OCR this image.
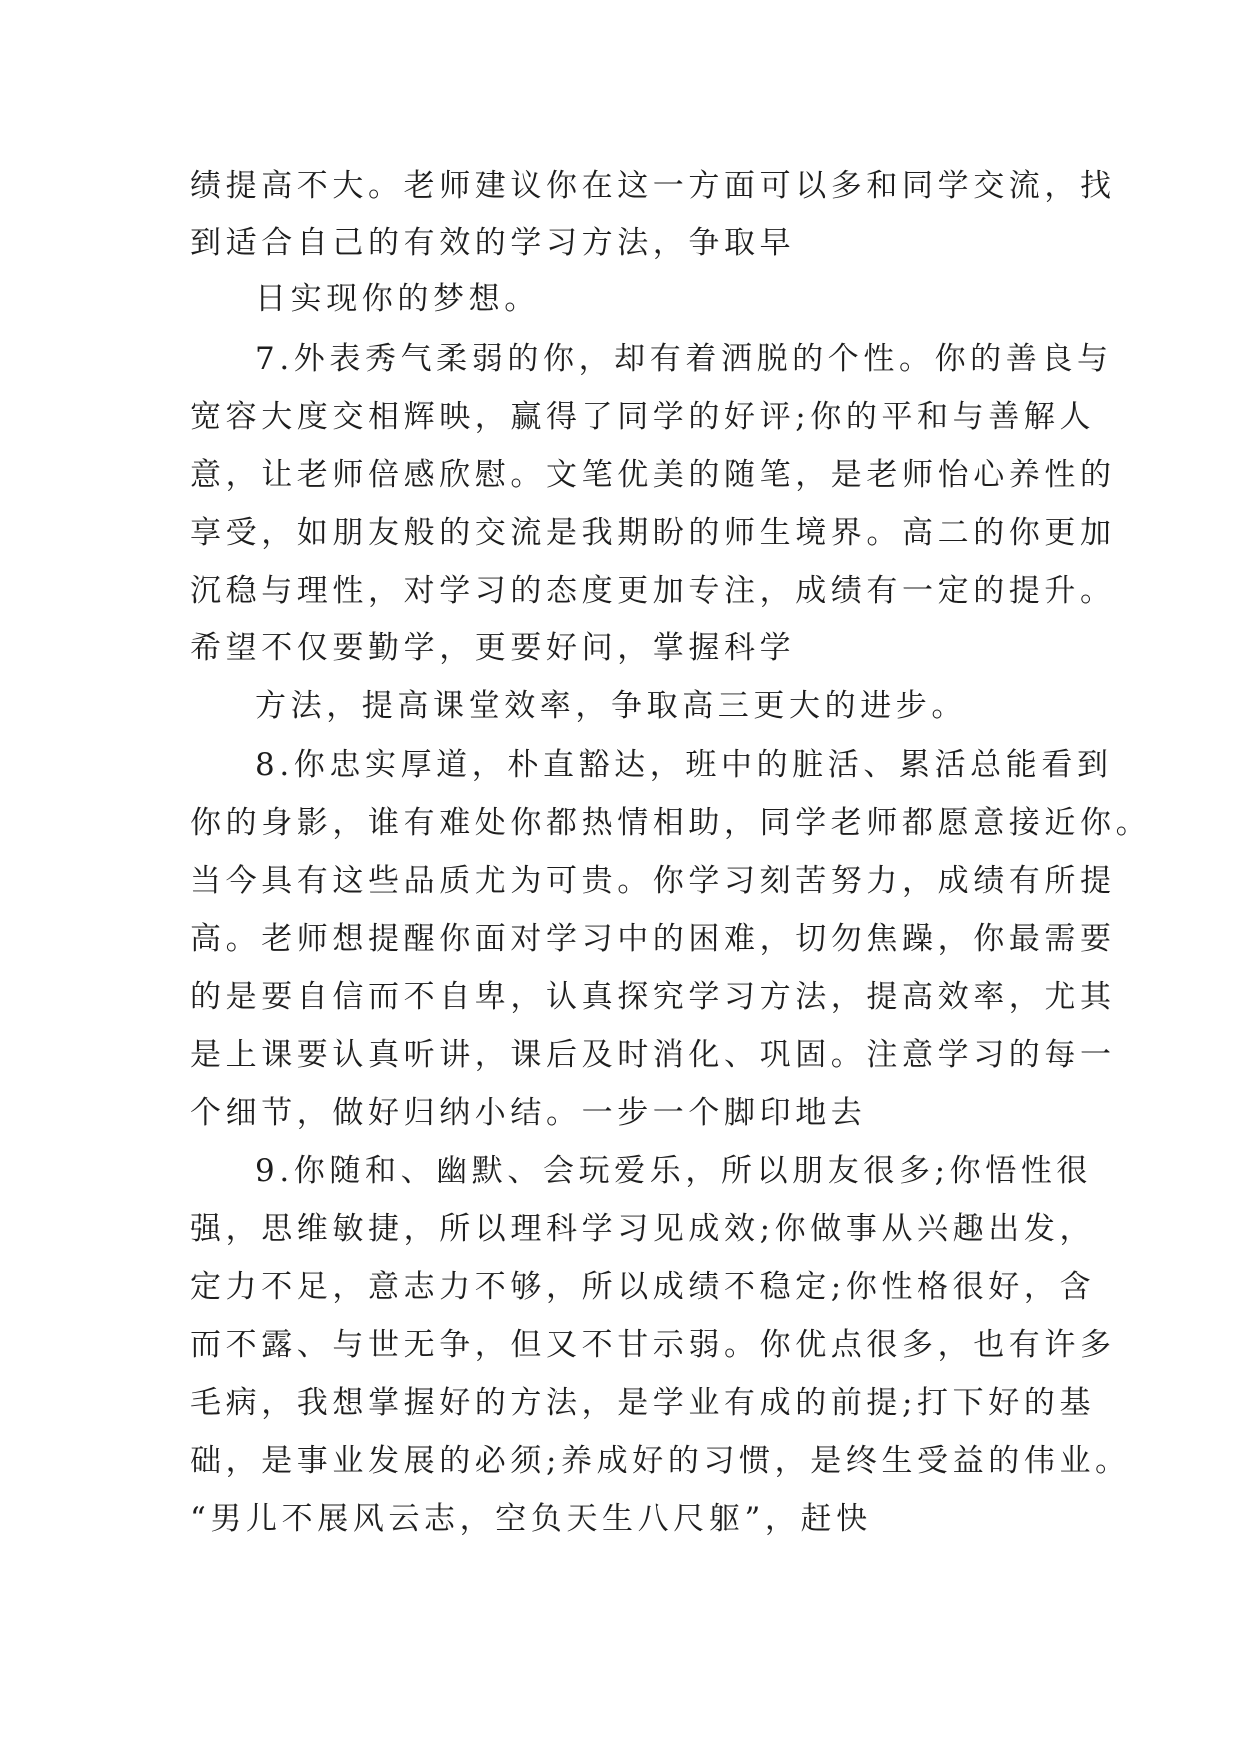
绩提高不大。老师建议你在这一方面可以多和同学交流，找
到适合自己的有效的学习方法，争取早
日实现你的梦想。
7.外表秀气柔弱的你，却有着洒脱的个性。你的善良与
宽容大度交相辉映，赢得了同学的好评;你的平和与善解人
意，让老师倍感欣慰。文笔优美的随笔，是老师怡心养性的
享受，如朋友般的交流是我期盼的师生境界。高二的你更加
沉稳与理性，对学习的态度更加专注，成绩有一定的提升。
希望不仅要勤学，更要好问，掌握科学
方法，提高课堂效率，争取高三更大的进步。
8.你忠实厚道，朴直豁达，班中的脏活、累活总能看到
你的身影，谁有难处你都热情相助，同学老师都愿意接近你。
当今具有这些品质尤为可贵。你学习刻苦努力，成绩有所提
高。老师想提醒你面对学习中的困难，切勿焦躁，你最需要
的是要自信而不自卑，认真探究学习方法，提高效率，尤其
是上课要认真听讲，课后及时消化、巩固。注意学习的每一
个细节，做好归纳小结。一步一个脚印地去
9.你随和、幽默、会玩爱乐，所以朋友很多;你悟性很
强，思维敏捷，所以理科学习见成效;你做事从兴趣出发，
定力不足，意志力不够，所以成绩不稳定;你性格很好，含
而不露、与世无争，但又不甘示弱。你优点很多，也有许多
毛病，我想掌握好的方法，是学业有成的前提;打下好的基
础，是事业发展的必须;养成好的习惯，是终生受益的伟业。
“男儿不展风云志，空负天生八尺躯”，赶快
